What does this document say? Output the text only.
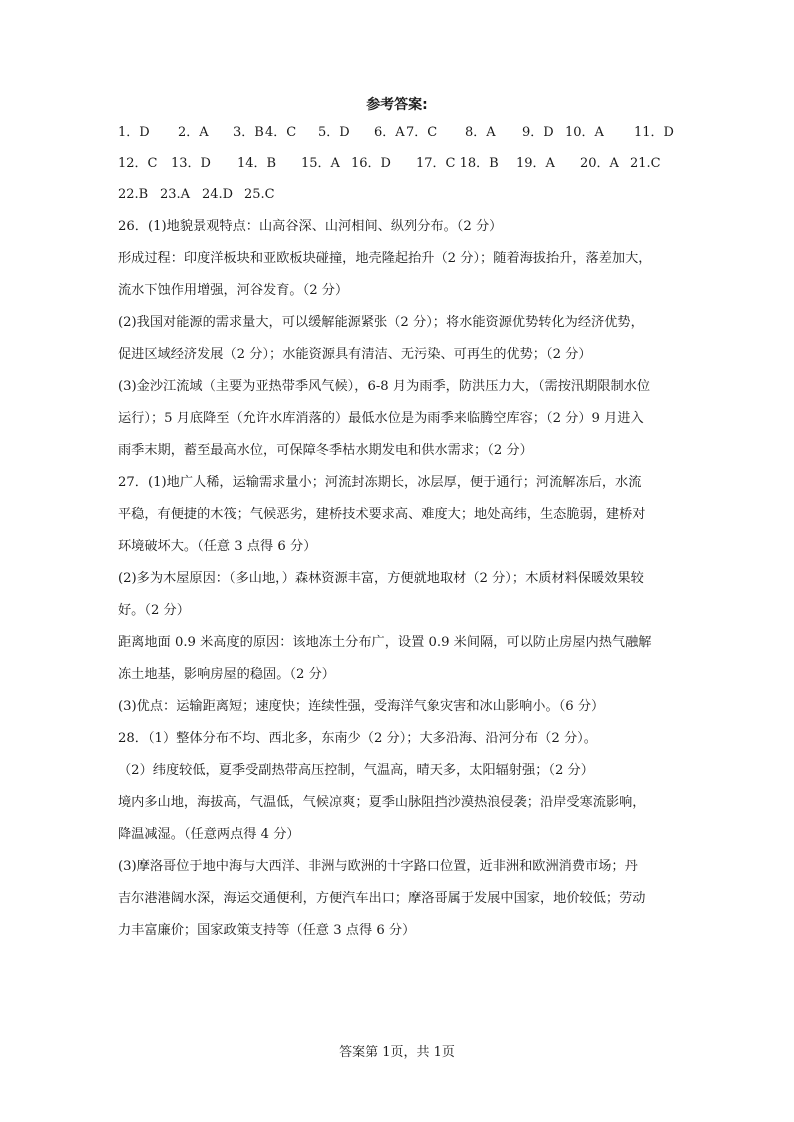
参考答案:
1．D 2．A 3．B 4．C 5．D 6．A 7．C 8．A 9．D 10．A 11．D
12．C 13．D 14．B 15．A 16．D 17．C 18．B 19．A 20．A 21.C
22.B 23.A 24.D 25.C
26．(1)地貌景观特点：山高谷深、山河相间、纵列分布。（2 分）
形成过程：印度洋板块和亚欧板块碰撞，地壳隆起抬升（2 分）；随着海拔抬升，落差加大，
流水下蚀作用增强，河谷发育。（2 分）
(2)我国对能源的需求量大，可以缓解能源紧张（2 分）；将水能资源优势转化为经济优势，
促进区域经济发展（2 分）；水能资源具有清洁、无污染、可再生的优势；（2 分）
(3)金沙江流域（主要为亚热带季风气候），6-8 月为雨季，防洪压力大，（需按汛期限制水位
运行）；5 月底降至（允许水库消落的）最低水位是为雨季来临腾空库容；（2 分）9 月进入
雨季末期，蓄至最高水位，可保障冬季枯水期发电和供水需求；（2 分）
27．(1)地广人稀，运输需求量小；河流封冻期长，冰层厚，便于通行；河流解冻后，水流
平稳，有便捷的木筏；气候恶劣，建桥技术要求高、难度大；地处高纬，生态脆弱，建桥对
环境破坏大。（任意 3 点得 6 分）
(2)多为木屋原因：（多山地，）森林资源丰富，方便就地取材（2 分）；木质材料保暖效果较
好。（2 分）
距离地面 0.9 米高度的原因：该地冻土分布广，设置 0.9 米间隔，可以防止房屋内热气融解
冻土地基，影响房屋的稳固。（2 分）
(3)优点：运输距离短；速度快；连续性强，受海洋气象灾害和冰山影响小。（6 分）
28．（1）整体分布不均、西北多，东南少（2 分）；大多沿海、沿河分布（2 分）。
（2）纬度较低，夏季受副热带高压控制，气温高，晴天多，太阳辐射强；（2 分）
境内多山地，海拔高，气温低，气候凉爽；夏季山脉阻挡沙漠热浪侵袭；沿岸受寒流影响，
降温减湿。（任意两点得 4 分）
(3)摩洛哥位于地中海与大西洋、非洲与欧洲的十字路口位置，近非洲和欧洲消费市场；丹
吉尔港港阔水深，海运交通便利，方便汽车出口；摩洛哥属于发展中国家，地价较低；劳动
力丰富廉价；国家政策支持等（任意 3 点得 6 分）
答案第 1页，共 1页
